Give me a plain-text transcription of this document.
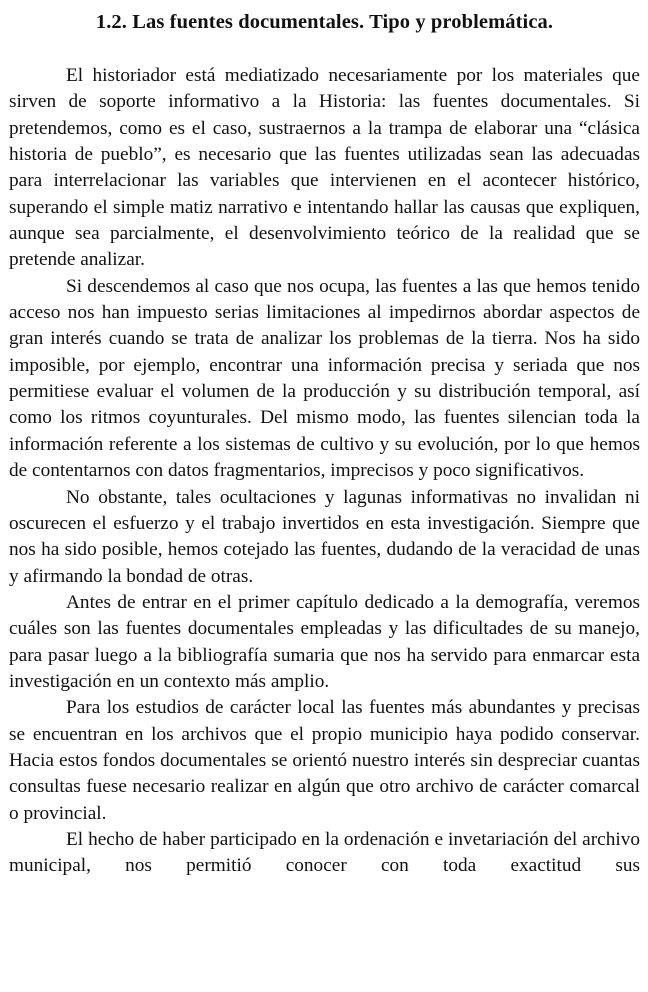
1.2. Las fuentes documentales. Tipo y problemática.

El historiador está mediatizado necesariamente por los materiales que sirven de soporte informativo a la Historia: las fuentes documentales. Si pretendemos, como es el caso, sustraernos a la trampa de elaborar una “clásica historia de pueblo”, es necesario que las fuentes utilizadas sean las adecuadas para interrelacionar las variables que intervienen en el acontecer histórico, superando el simple matiz narrativo e intentando hallar las causas que expliquen, aunque sea parcialmente, el desenvolvimiento teórico de la realidad que se pretende analizar.

Si descendemos al caso que nos ocupa, las fuentes a las que hemos tenido acceso nos han impuesto serias limitaciones al impedirnos abordar aspectos de gran interés cuando se trata de analizar los problemas de la tierra. Nos ha sido imposible, por ejemplo, encontrar una información precisa y seriada que nos permitiese evaluar el volumen de la producción y su distribución temporal, así como los ritmos coyunturales. Del mismo modo, las fuentes silencian toda la información referente a los sistemas de cultivo y su evolución, por lo que hemos de contentarnos con datos fragmentarios, imprecisos y poco significativos.

No obstante, tales ocultaciones y lagunas informativas no invalidan ni oscurecen el esfuerzo y el trabajo invertidos en esta investigación. Siempre que nos ha sido posible, hemos cotejado las fuentes, dudando de la veracidad de unas y afirmando la bondad de otras.

Antes de entrar en el primer capítulo dedicado a la demografía, veremos cuáles son las fuentes documentales empleadas y las dificultades de su manejo, para pasar luego a la bibliografía sumaria que nos ha servido para enmarcar esta investigación en un contexto más amplio.

Para los estudios de carácter local las fuentes más abundantes y precisas se encuentran en los archivos que el propio municipio haya podido conservar. Hacia estos fondos documentales se orientó nuestro interés sin despreciar cuantas consultas fuese necesario realizar en algún que otro archivo de carácter comarcal o provincial.

El hecho de haber participado en la ordenación e invetariación del archivo municipal, nos permitió conocer con toda exactitud sus
